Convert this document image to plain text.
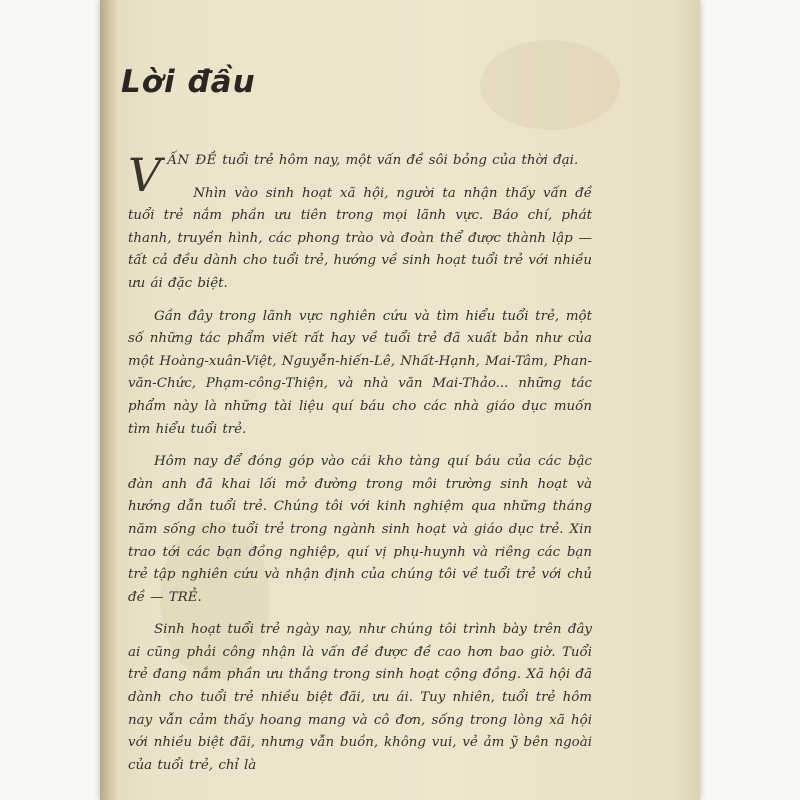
Lời đầu

VẤN ĐỀ tuổi trẻ hôm nay, một vấn đề sôi bỏng của thời đại.

Nhìn vào sinh hoạt xã hội, người ta nhận thấy vấn đề tuổi trẻ nắm phần ưu tiên trong mọi lãnh vực. Báo chí, phát thanh, truyền hình, các phong trào và đoàn thể được thành lập — tất cả đều dành cho tuổi trẻ, hướng về sinh hoạt tuổi trẻ với nhiều ưu ái đặc biệt.

Gần đây trong lãnh vực nghiên cứu và tìm hiểu tuổi trẻ, một số những tác phẩm viết rất hay về tuổi trẻ đã xuất bản như của một Hoàng-xuân-Việt, Nguyễn-hiến-Lê, Nhất-Hạnh, Mai-Tâm, Phan-văn-Chức, Phạm-công-Thiện, và nhà văn Mai-Thảo... những tác phẩm này là những tài liệu quí báu cho các nhà giáo dục muốn tìm hiểu tuổi trẻ.

Hôm nay để đóng góp vào cái kho tàng quí báu của các bậc đàn anh đã khai lối mở đường trong môi trường sinh hoạt và hướng dẫn tuổi trẻ. Chúng tôi với kinh nghiệm qua những tháng năm sống cho tuổi trẻ trong ngành sinh hoạt và giáo dục trẻ. Xin trao tới các bạn đồng nghiệp, quí vị phụ-huynh và riêng các bạn trẻ tập nghiên cứu và nhận định của chúng tôi về tuổi trẻ với chủ đề — TRẺ.

Sinh hoạt tuổi trẻ ngày nay, như chúng tôi trình bày trên đây ai cũng phải công nhận là vấn đề được đề cao hơn bao giờ. Tuổi trẻ đang nắm phần ưu thắng trong sinh hoạt cộng đồng. Xã hội đã dành cho tuổi trẻ nhiều biệt đãi, ưu ái. Tuy nhiên, tuổi trẻ hôm nay vẫn cảm thấy hoang mang và cô đơn, sống trong lòng xã hội với nhiều biệt đãi, nhưng vẫn buồn, không vui, vẻ ảm ỹ bên ngoài của tuổi trẻ, chỉ là
